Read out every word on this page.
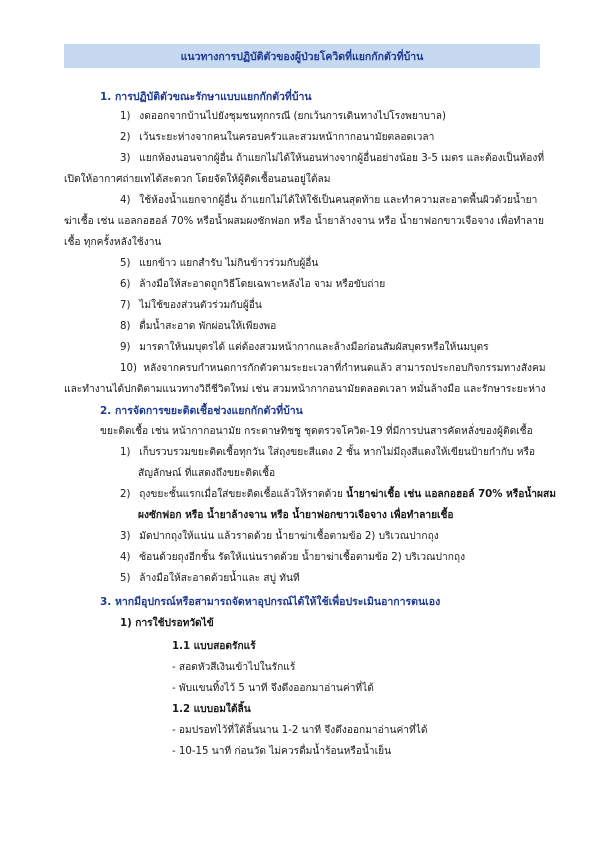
แนวทางการปฏิบัติตัวของผู้ป่วยโควิดที่แยกกักตัวที่บ้าน
1. การปฏิบัติตัวขณะรักษาแบบแยกกักตัวที่บ้าน
1) งดออกจากบ้านไปยังชุมชนทุกกรณี (ยกเว้นการเดินทางไปโรงพยาบาล)
2) เว้นระยะห่างจากคนในครอบครัวและสวมหน้ากากอนามัยตลอดเวลา
3) แยกห้องนอนจากผู้อื่น ถ้าแยกไม่ได้ให้นอนห่างจากผู้อื่นอย่างน้อย 3-5 เมตร และต้องเป็นห้องที่
เปิดให้อากาศถ่ายเทได้สะดวก โดยจัดให้ผู้ติดเชื้อนอนอยู่ใต้ลม
4) ใช้ห้องน้ำแยกจากผู้อื่น ถ้าแยกไม่ได้ให้ใช้เป็นคนสุดท้าย และทำความสะอาดพื้นผิวด้วยน้ำยา
ฆ่าเชื้อ เช่น แอลกอฮอล์ 70% หรือน้ำผสมผงซักฟอก หรือ น้ำยาล้างจาน หรือ น้ำยาฟอกขาวเจือจาง เพื่อทำลาย
เชื้อ ทุกครั้งหลังใช้งาน
5) แยกข้าว แยกสำรับ ไม่กินข้าวร่วมกับผู้อื่น
6) ล้างมือให้สะอาดถูกวิธีโดยเฉพาะหลังไอ จาม หรือขับถ่าย
7) ไม่ใช้ของส่วนตัวร่วมกับผู้อื่น
8) ดื่มน้ำสะอาด พักผ่อนให้เพียงพอ
9) มารดาให้นมบุตรได้ แต่ต้องสวมหน้ากากและล้างมือก่อนสัมผัสบุตรหรือให้นมบุตร
10) หลังจากครบกำหนดการกักตัวตามระยะเวลาที่กำหนดแล้ว สามารถประกอบกิจกรรมทางสังคม
และทำงานได้ปกติตามแนวทางวิถีชีวิตใหม่ เช่น สวมหน้ากากอนามัยตลอดเวลา หมั่นล้างมือ และรักษาระยะห่าง
2. การจัดการขยะติดเชื้อช่วงแยกกักตัวที่บ้าน
ขยะติดเชื้อ เช่น หน้ากากอนามัย กระดาษทิชชู ชุดตรวจโควิด-19 ที่มีการปนสารคัดหลั่งของผู้ติดเชื้อ
1) เก็บรวบรวมขยะติดเชื้อทุกวัน ใส่ถุงขยะสีแดง 2 ชั้น หากไม่มีถุงสีแดงให้เขียนป้ายกำกับ หรือ
สัญลักษณ์ ที่แสดงถึงขยะติดเชื้อ
2) ถุงขยะชั้นแรกเมื่อใส่ขยะติดเชื้อแล้วให้ราดด้วย น้ำยาฆ่าเชื้อ เช่น แอลกอฮอล์ 70% หรือน้ำผสม
ผงซักฟอก หรือ น้ำยาล้างจาน หรือ น้ำยาฟอกขาวเจือจาง เพื่อทำลายเชื้อ
3) มัดปากถุงให้แน่น แล้วราดด้วย น้ำยาฆ่าเชื้อตามข้อ 2) บริเวณปากถุง
4) ซ้อนด้วยถุงอีกชั้น รัดให้แน่นราดด้วย น้ำยาฆ่าเชื้อตามข้อ 2) บริเวณปากถุง
5) ล้างมือให้สะอาดด้วยน้ำและ สบู่ ทันที
3. หากมีอุปกรณ์หรือสามารถจัดหาอุปกรณ์ได้ให้ใช้เพื่อประเมินอาการตนเอง
1) การใช้ปรอทวัดไข้
1.1 แบบสอดรักแร้
- สอดหัวสีเงินเข้าไปในรักแร้
- พับแขนทิ้งไว้ 5 นาที จึงดึงออกมาอ่านค่าที่ได้
1.2 แบบอมใต้ลิ้น
- อมปรอทไว้ที่ใต้ลิ้นนาน 1-2 นาที จึงดึงออกมาอ่านค่าที่ได้
- 10-15 นาที ก่อนวัด ไม่ควรดื่มน้ำร้อนหรือน้ำเย็น
